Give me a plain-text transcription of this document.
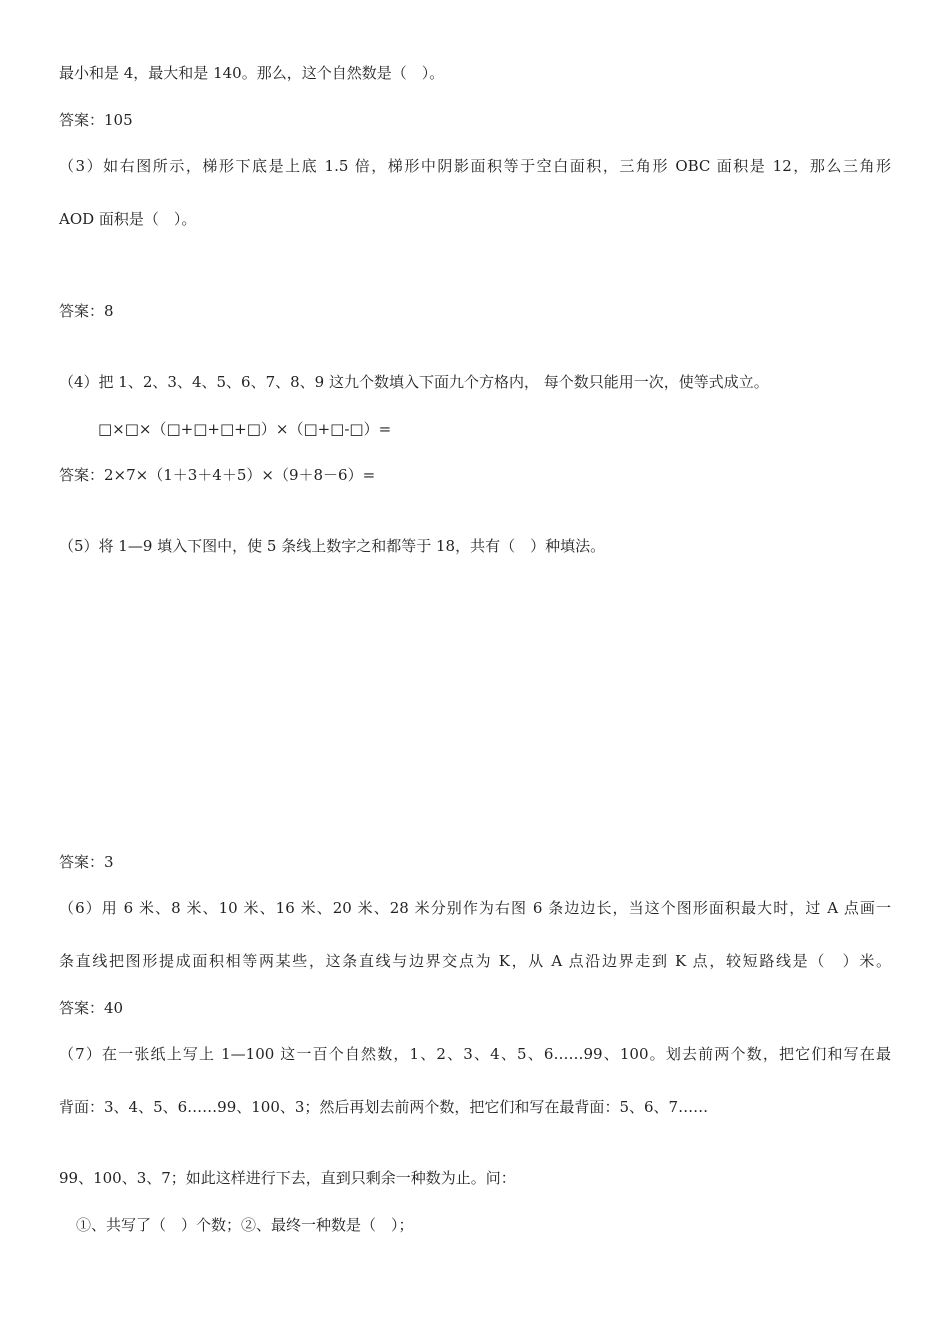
最小和是 4，最大和是 140。那么，这个自然数是（　）。
答案：105
（3）如右图所示，梯形下底是上底 1.5 倍，梯形中阴影面积等于空白面积，三角形 OBC 面积是 12，那么三角形
AOD 面积是（　）。
答案：8
（4）把 1、2、3、4、5、6、7、8、9 这九个数填入下面九个方格内， 每个数只能用一次，使等式成立。
□×□×（□+□+□+□）×（□+□-□）=
答案：2×7×（1＋3＋4＋5）×（9＋8－6）=
（5）将 1—9 填入下图中，使 5 条线上数字之和都等于 18，共有（　）种填法。
答案：3
（6）用 6 米、8 米、10 米、16 米、20 米、28 米分别作为右图 6 条边边长，当这个图形面积最大时，过 A 点画一
条直线把图形提成面积相等两某些，这条直线与边界交点为 K，从 A 点沿边界走到 K 点，较短路线是（　）米。
答案：40
（7）在一张纸上写上 1—100 这一百个自然数，1、2、3、4、5、6……99、100。划去前两个数，把它们和写在最
背面：3、4、5、6……99、100、3；然后再划去前两个数，把它们和写在最背面：5、6、7……
99、100、3、7；如此这样进行下去，直到只剩余一种数为止。问：
①、共写了（　）个数；②、最终一种数是（　）；
